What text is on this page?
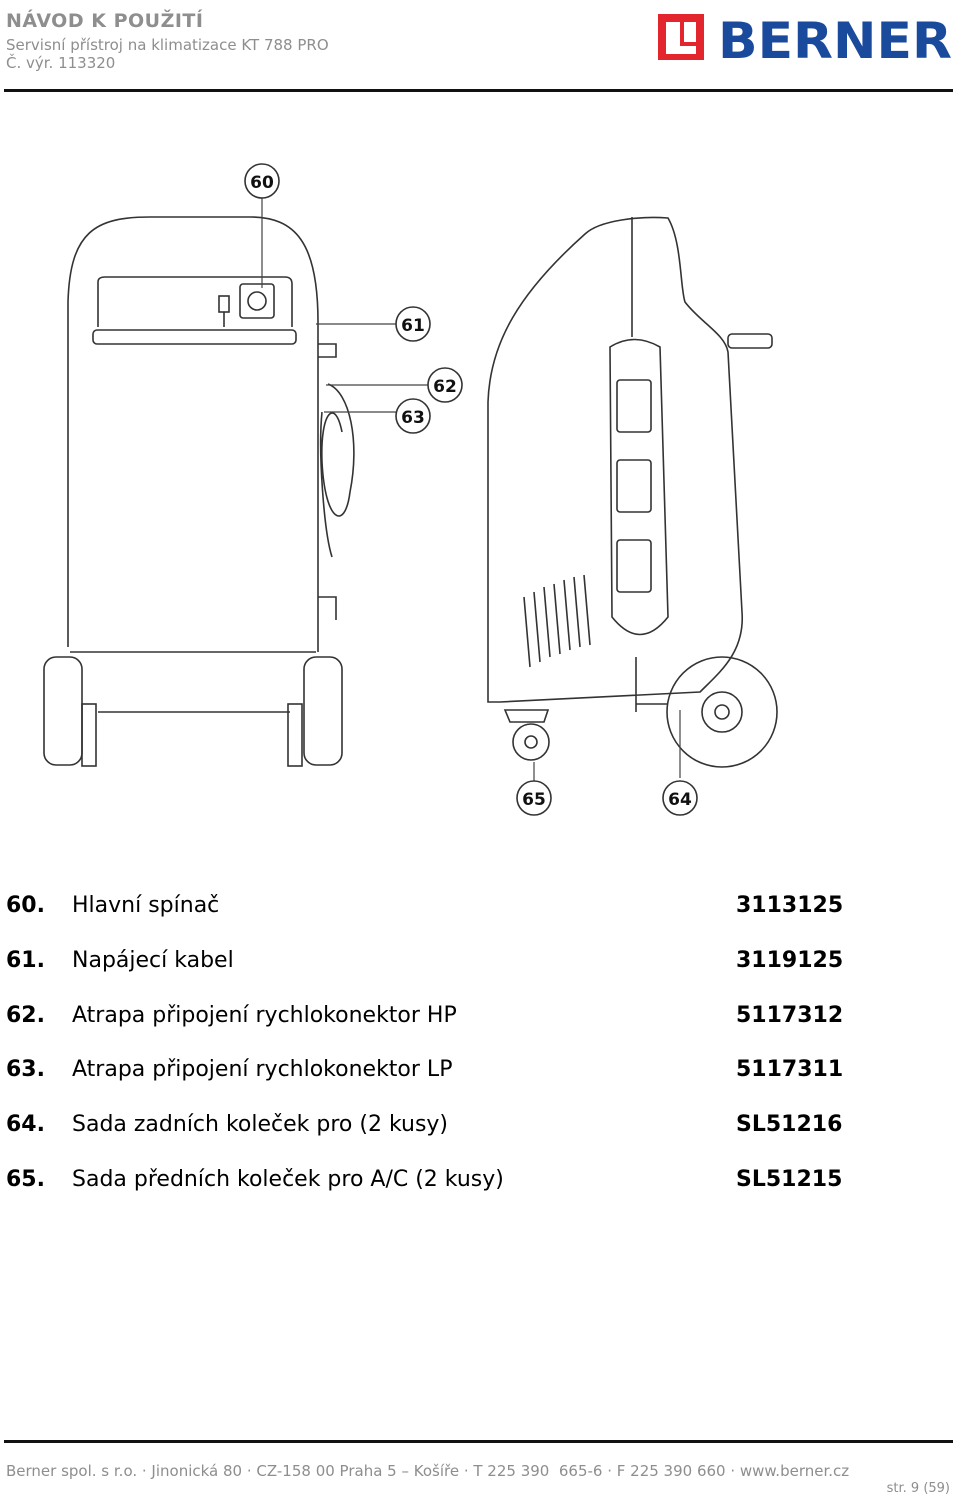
NÁVOD K POUŽITÍ
Servisní přístroj na klimatizace KT 788 PRO
Č. výr. 113320	BERNER
60
61
62
63
64
65
60. Hlavní spínač	3113125
61. Napájecí kabel	3119125
62. Atrapa připojení rychlokonektor HP	5117312
63. Atrapa připojení rychlokonektor LP	5117311
64. Sada zadních koleček pro (2 kusy)	SL51216
65. Sada předních koleček pro A/C (2 kusy)	SL51215
Berner spol. s r.o. · Jinonická 80 · CZ-158 00 Praha 5 – Košíře · T 225 390  665-6 · F 225 390 660 · www.berner.cz
str. 9 (59)
